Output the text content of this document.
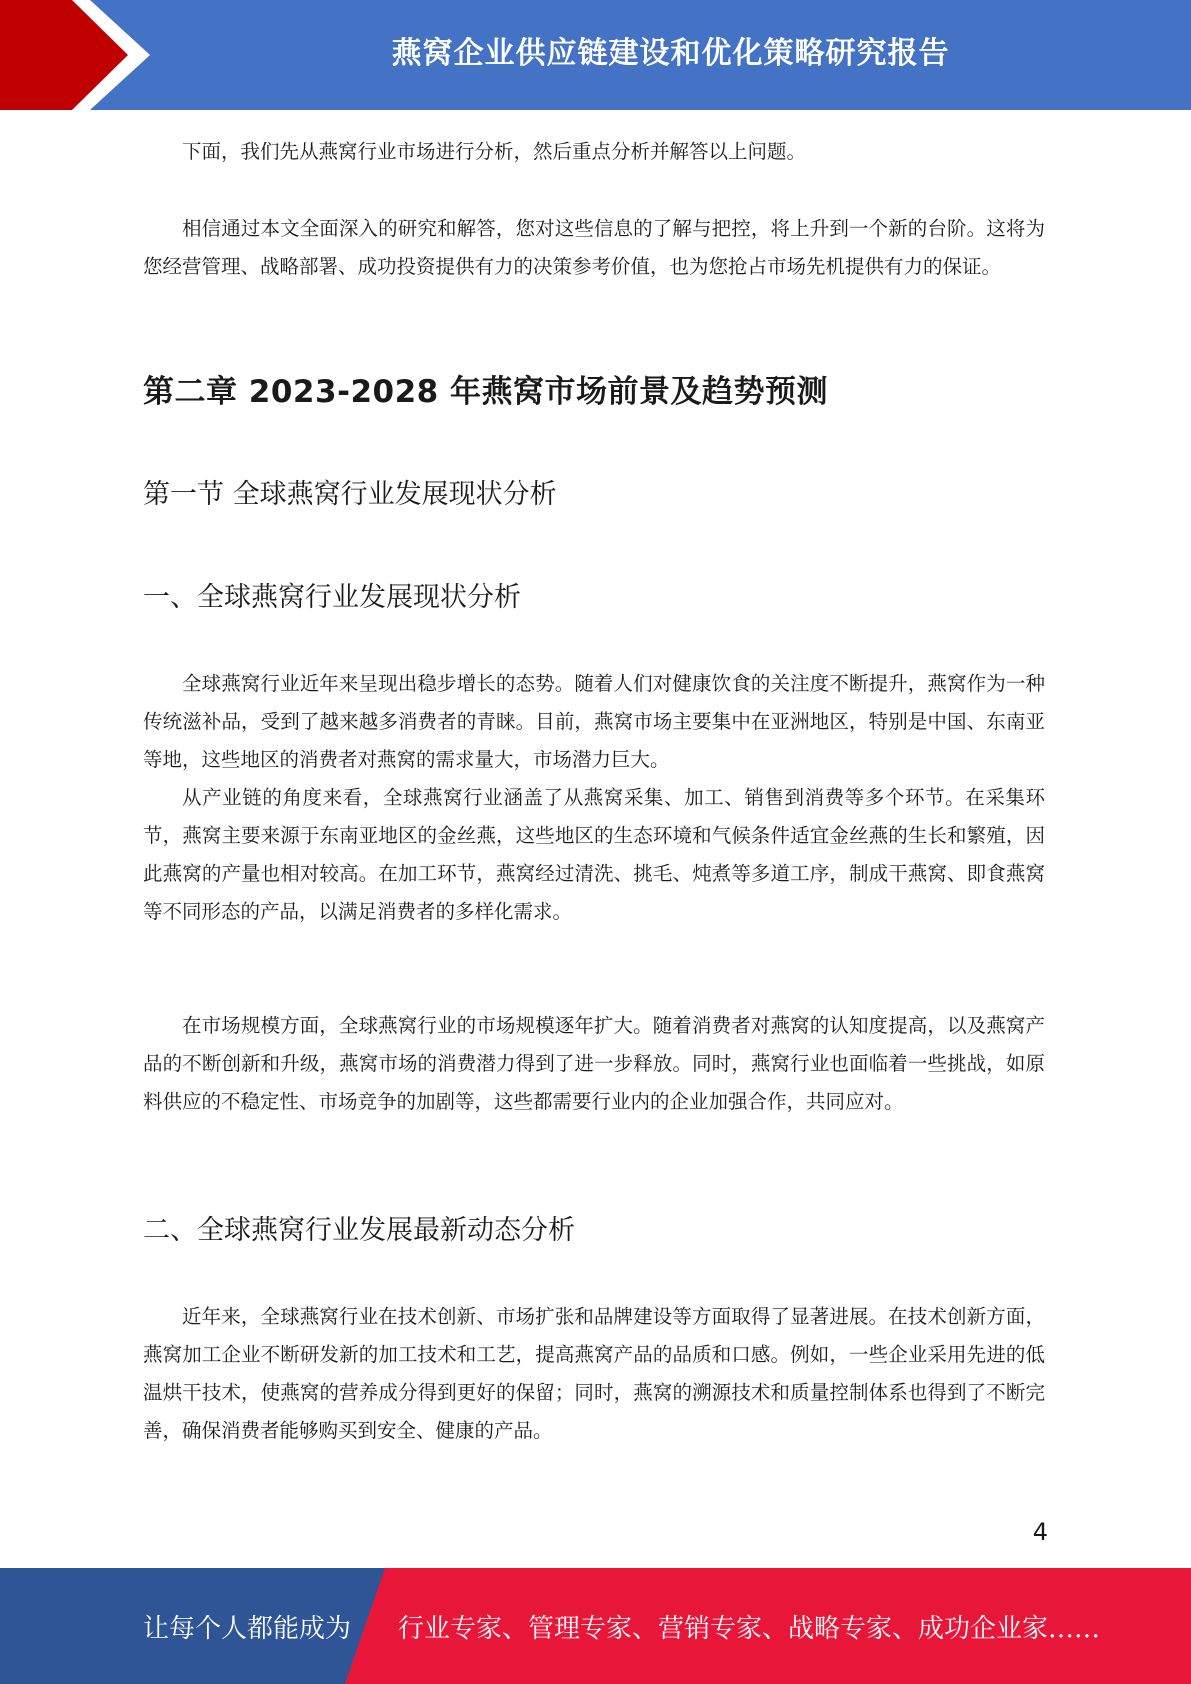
燕窝企业供应链建设和优化策略研究报告

下面，我们先从燕窝行业市场进行分析，然后重点分析并解答以上问题。

相信通过本文全面深入的研究和解答，您对这些信息的了解与把控，将上升到一个新的台阶。这将为您经营管理、战略部署、成功投资提供有力的决策参考价值，也为您抢占市场先机提供有力的保证。

第二章 2023-2028 年燕窝市场前景及趋势预测
第一节 全球燕窝行业发展现状分析
一、全球燕窝行业发展现状分析

全球燕窝行业近年来呈现出稳步增长的态势。随着人们对健康饮食的关注度不断提升，燕窝作为一种传统滋补品，受到了越来越多消费者的青睐。目前，燕窝市场主要集中在亚洲地区，特别是中国、东南亚等地，这些地区的消费者对燕窝的需求量大，市场潜力巨大。

从产业链的角度来看，全球燕窝行业涵盖了从燕窝采集、加工、销售到消费等多个环节。在采集环节，燕窝主要来源于东南亚地区的金丝燕，这些地区的生态环境和气候条件适宜金丝燕的生长和繁殖，因此燕窝的产量也相对较高。在加工环节，燕窝经过清洗、挑毛、炖煮等多道工序，制成干燕窝、即食燕窝等不同形态的产品，以满足消费者的多样化需求。

在市场规模方面，全球燕窝行业的市场规模逐年扩大。随着消费者对燕窝的认知度提高，以及燕窝产品的不断创新和升级，燕窝市场的消费潜力得到了进一步释放。同时，燕窝行业也面临着一些挑战，如原料供应的不稳定性、市场竞争的加剧等，这些都需要行业内的企业加强合作，共同应对。

二、全球燕窝行业发展最新动态分析

近年来，全球燕窝行业在技术创新、市场扩张和品牌建设等方面取得了显著进展。在技术创新方面，燕窝加工企业不断研发新的加工技术和工艺，提高燕窝产品的品质和口感。例如，一些企业采用先进的低温烘干技术，使燕窝的营养成分得到更好的保留；同时，燕窝的溯源技术和质量控制体系也得到了不断完善，确保消费者能够购买到安全、健康的产品。

4
让每个人都能成为 行业专家、管理专家、营销专家、战略专家、成功企业家……
